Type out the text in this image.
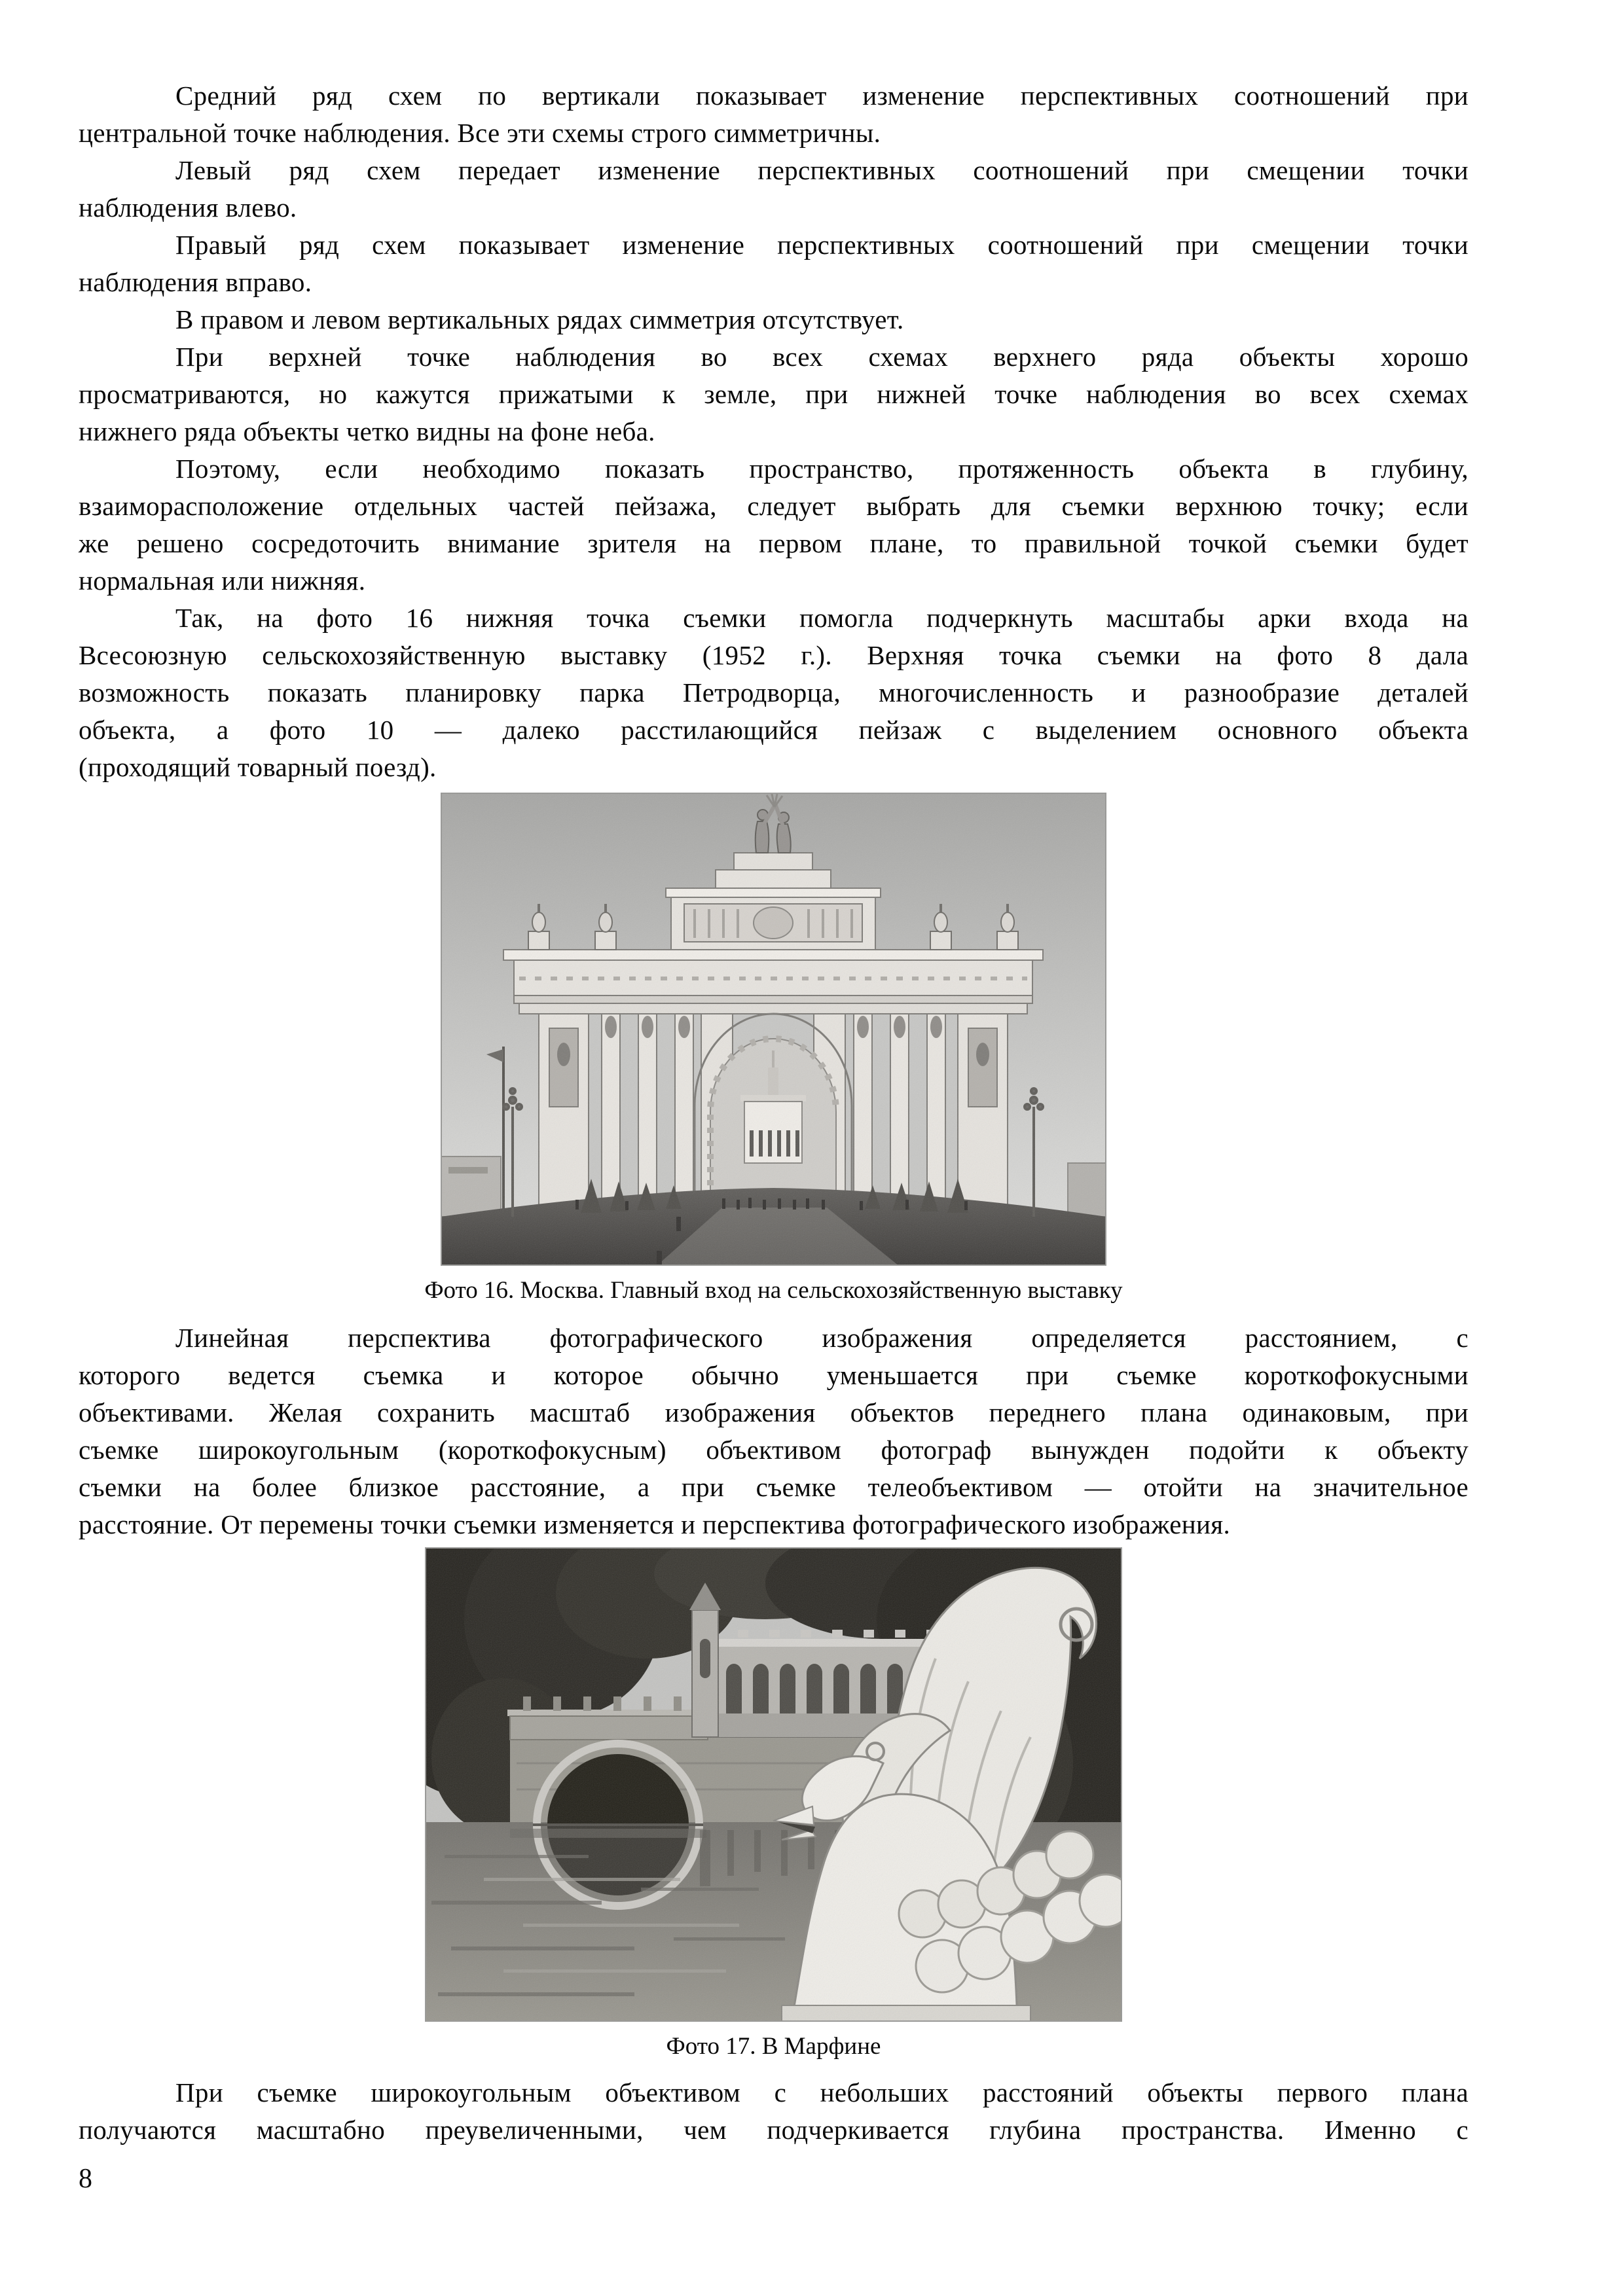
Средний ряд схем по вертикали показывает изменение перспективных соотношений при
центральной точке наблюдения. Все эти схемы строго симметричны.
Левый ряд схем передает изменение перспективных соотношений при смещении точки
наблюдения влево.
Правый ряд схем показывает изменение перспективных соотношений при смещении точки
наблюдения вправо.
В правом и левом вертикальных рядах симметрия отсутствует.
При верхней точке наблюдения во всех схемах верхнего ряда объекты хорошо
просматриваются, но кажутся прижатыми к земле, при нижней точке наблюдения во всех схемах
нижнего ряда объекты четко видны на фоне неба.
Поэтому, если необходимо показать пространство, протяженность объекта в глубину,
взаиморасположение отдельных частей пейзажа, следует выбрать для съемки верхнюю точку; если
же решено сосредоточить внимание зрителя на первом плане, то правильной точкой съемки будет
нормальная или нижняя.
Так, на фото 16 нижняя точка съемки помогла подчеркнуть масштабы арки входа на
Всесоюзную сельскохозяйственную выставку (1952 г.). Верхняя точка съемки на фото 8 дала
возможность показать планировку парка Петродворца, многочисленность и разнообразие деталей
объекта, а фото 10 — далеко расстилающийся пейзаж с выделением основного объекта
(проходящий товарный поезд).
Фото 16. Москва. Главный вход на сельскохозяйственную выставку
Линейная перспектива фотографического изображения определяется расстоянием, с
которого ведется съемка и которое обычно уменьшается при съемке короткофокусными
объективами. Желая сохранить масштаб изображения объектов переднего плана одинаковым, при
съемке широкоугольным (короткофокусным) объективом фотограф вынужден подойти к объекту
съемки на более близкое расстояние, а при съемке телеобъективом — отойти на значительное
расстояние. От перемены точки съемки изменяется и перспектива фотографического изображения.
Фото 17. В Марфине
При съемке широкоугольным объективом с небольших расстояний объекты первого плана
получаются масштабно преувеличенными, чем подчеркивается глубина пространства. Именно с
8
